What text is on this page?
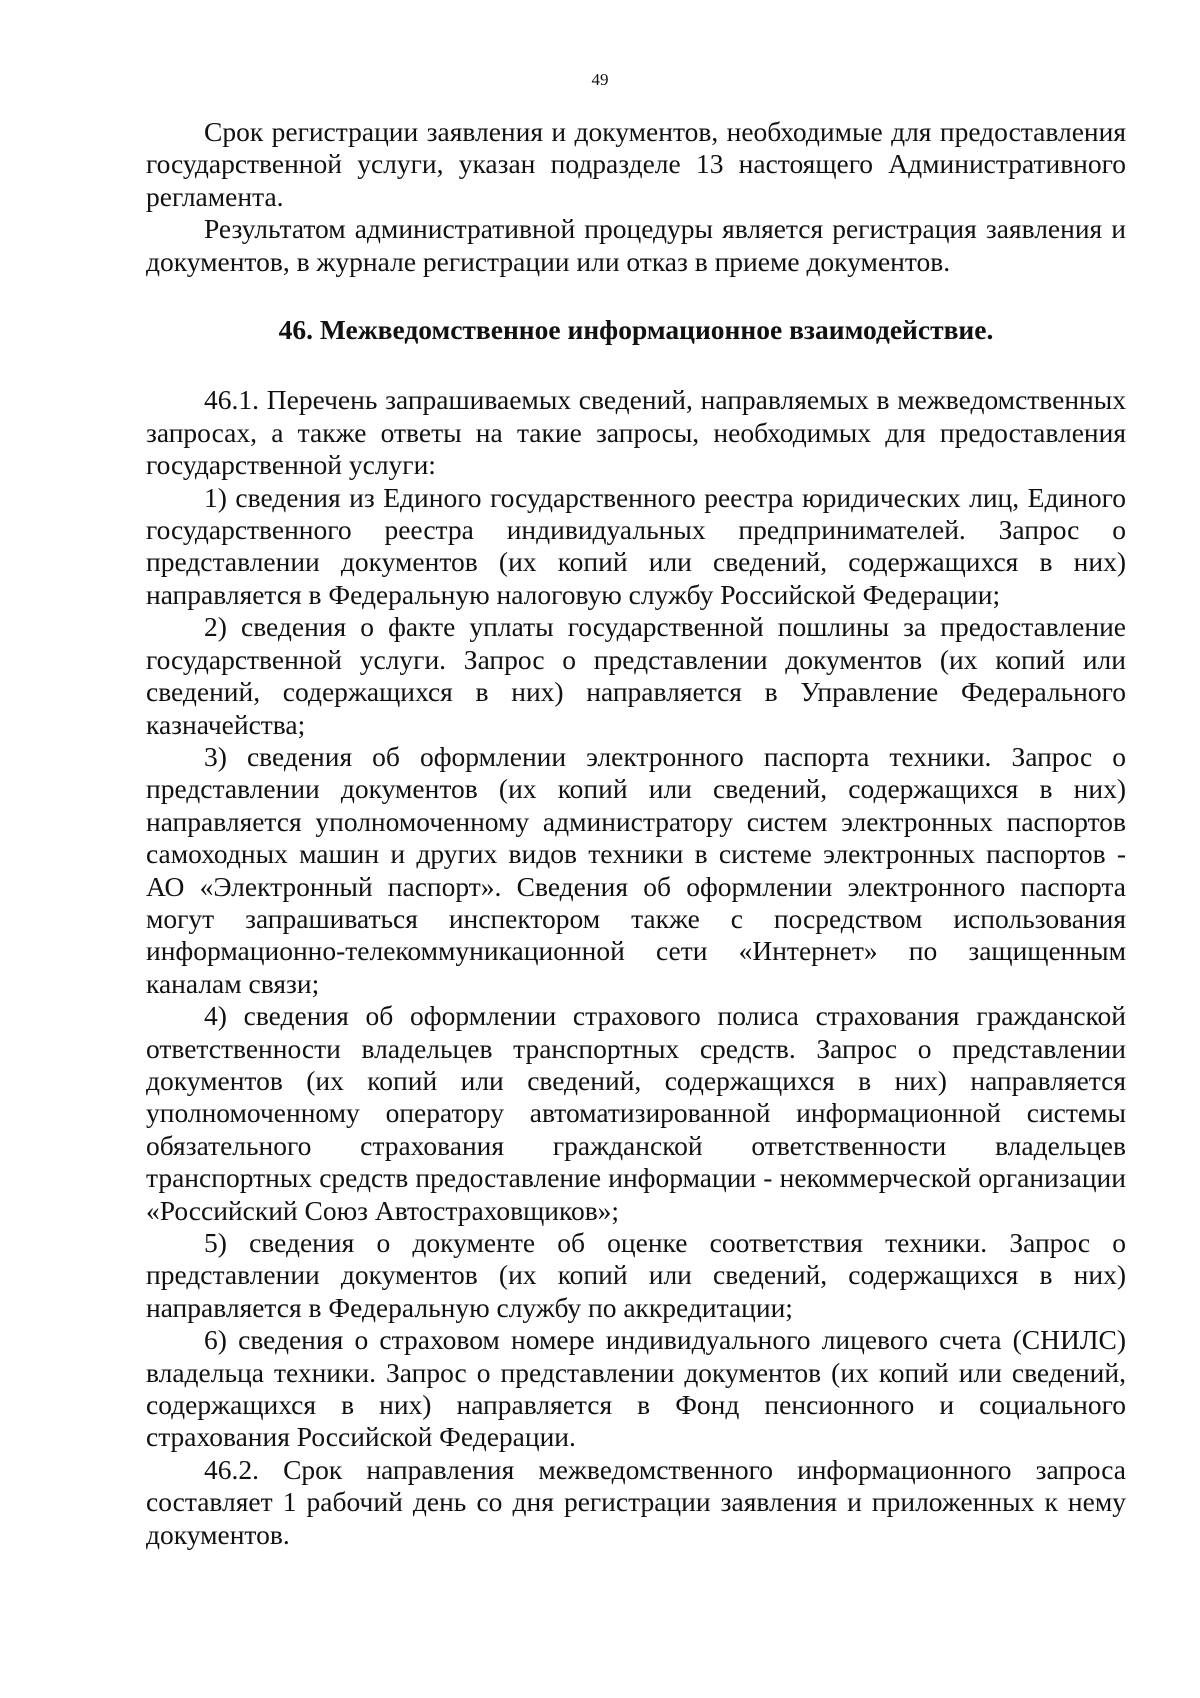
49

Срок регистрации заявления и документов, необходимые для предоставления государственной услуги, указан подразделе 13 настоящего Административного регламента.

Результатом административной процедуры является регистрация заявления и документов, в журнале регистрации или отказ в приеме документов.

46. Межведомственное информационное взаимодействие.

46.1. Перечень запрашиваемых сведений, направляемых в межведомственных запросах, а также ответы на такие запросы, необходимых для предоставления государственной услуги:

1) сведения из Единого государственного реестра юридических лиц, Единого государственного реестра индивидуальных предпринимателей. Запрос о представлении документов (их копий или сведений, содержащихся в них) направляется в Федеральную налоговую службу Российской Федерации;

2) сведения о факте уплаты государственной пошлины за предоставление государственной услуги. Запрос о представлении документов (их копий или сведений, содержащихся в них) направляется в Управление Федерального казначейства;

3) сведения об оформлении электронного паспорта техники. Запрос о представлении документов (их копий или сведений, содержащихся в них) направляется уполномоченному администратору систем электронных паспортов самоходных машин и других видов техники в системе электронных паспортов - АО «Электронный паспорт». Сведения об оформлении электронного паспорта могут запрашиваться инспектором также с посредством использования информационно-телекоммуникационной сети «Интернет» по защищенным каналам связи;

4) сведения об оформлении страхового полиса страхования гражданской ответственности владельцев транспортных средств. Запрос о представлении документов (их копий или сведений, содержащихся в них) направляется уполномоченному оператору автоматизированной информационной системы обязательного страхования гражданской ответственности владельцев транспортных средств предоставление информации - некоммерческой организации «Российский Союз Автостраховщиков»;

5) сведения о документе об оценке соответствия техники. Запрос о представлении документов (их копий или сведений, содержащихся в них) направляется в Федеральную службу по аккредитации;

6) сведения о страховом номере индивидуального лицевого счета (СНИЛС) владельца техники. Запрос о представлении документов (их копий или сведений, содержащихся в них) направляется в Фонд пенсионного и социального страхования Российской Федерации.

46.2. Срок направления межведомственного информационного запроса составляет 1 рабочий день со дня регистрации заявления и приложенных к нему документов.
